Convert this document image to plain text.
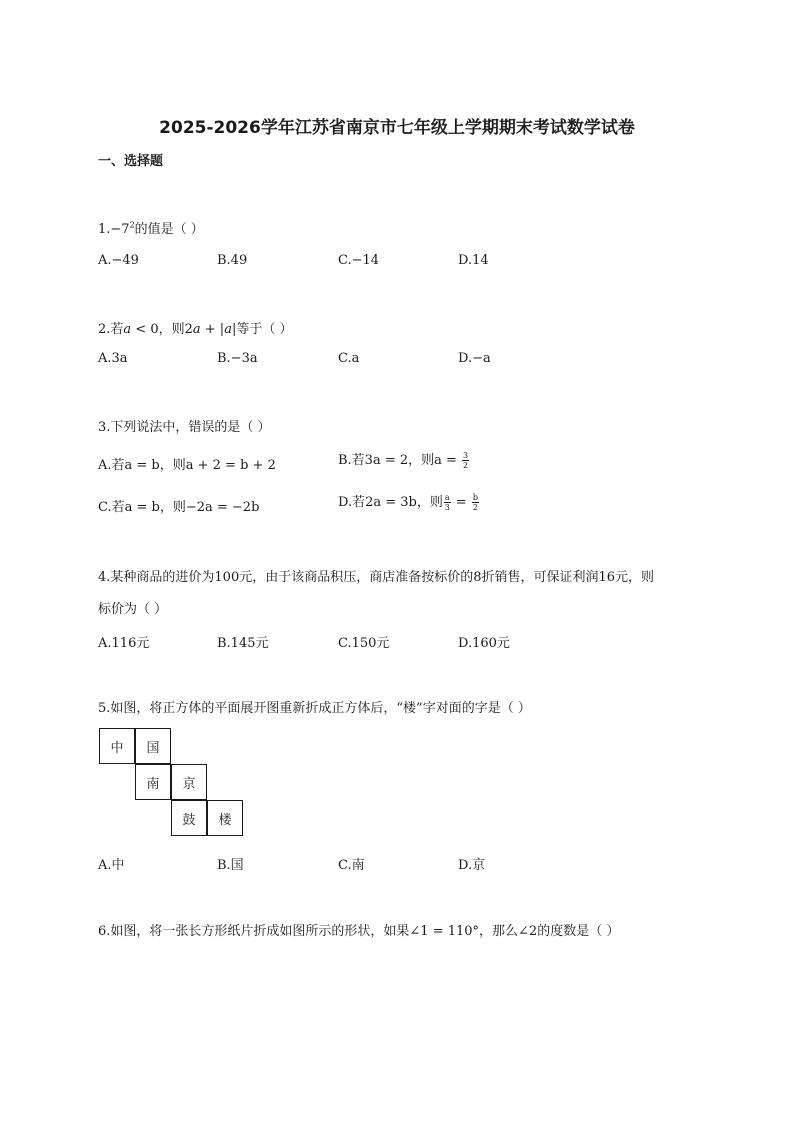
2025-2026学年江苏省南京市七年级上学期期末考试数学试卷
一、选择题
$1.-7^2$的值是（ ）
A.−49	B.49	C.−14	D.14
2.若a < 0，则2a + |a|等于（ ）
A.3a	B.−3a	C.a	D.−a
3.下列说法中，错误的是（ ）
A.若a = b，则a + 2 = b + 2	B.若3a = 2，则$a = \frac{3}{2}$
C.若a = b，则−2a = −2b	D.若2a = 3b，则 $\frac{a}{3} = \frac{b}{2}$
4.某种商品的进价为100元，由于该商品积压，商店准备按标价的8折销售，可保证利润16元，则
标价为（ ）
A.116元	B.145元	C.150元	D.160元
5.如图，将正方体的平面展开图重新折成正方体后，“楼”字对面的字是（ ）
中	国
南	京
鼓	楼
A.中	B.国	C.南	D.京
6.如图，将一张长方形纸片折成如图所示的形状，如果∠1 = 110°，那么∠2的度数是（ ）
